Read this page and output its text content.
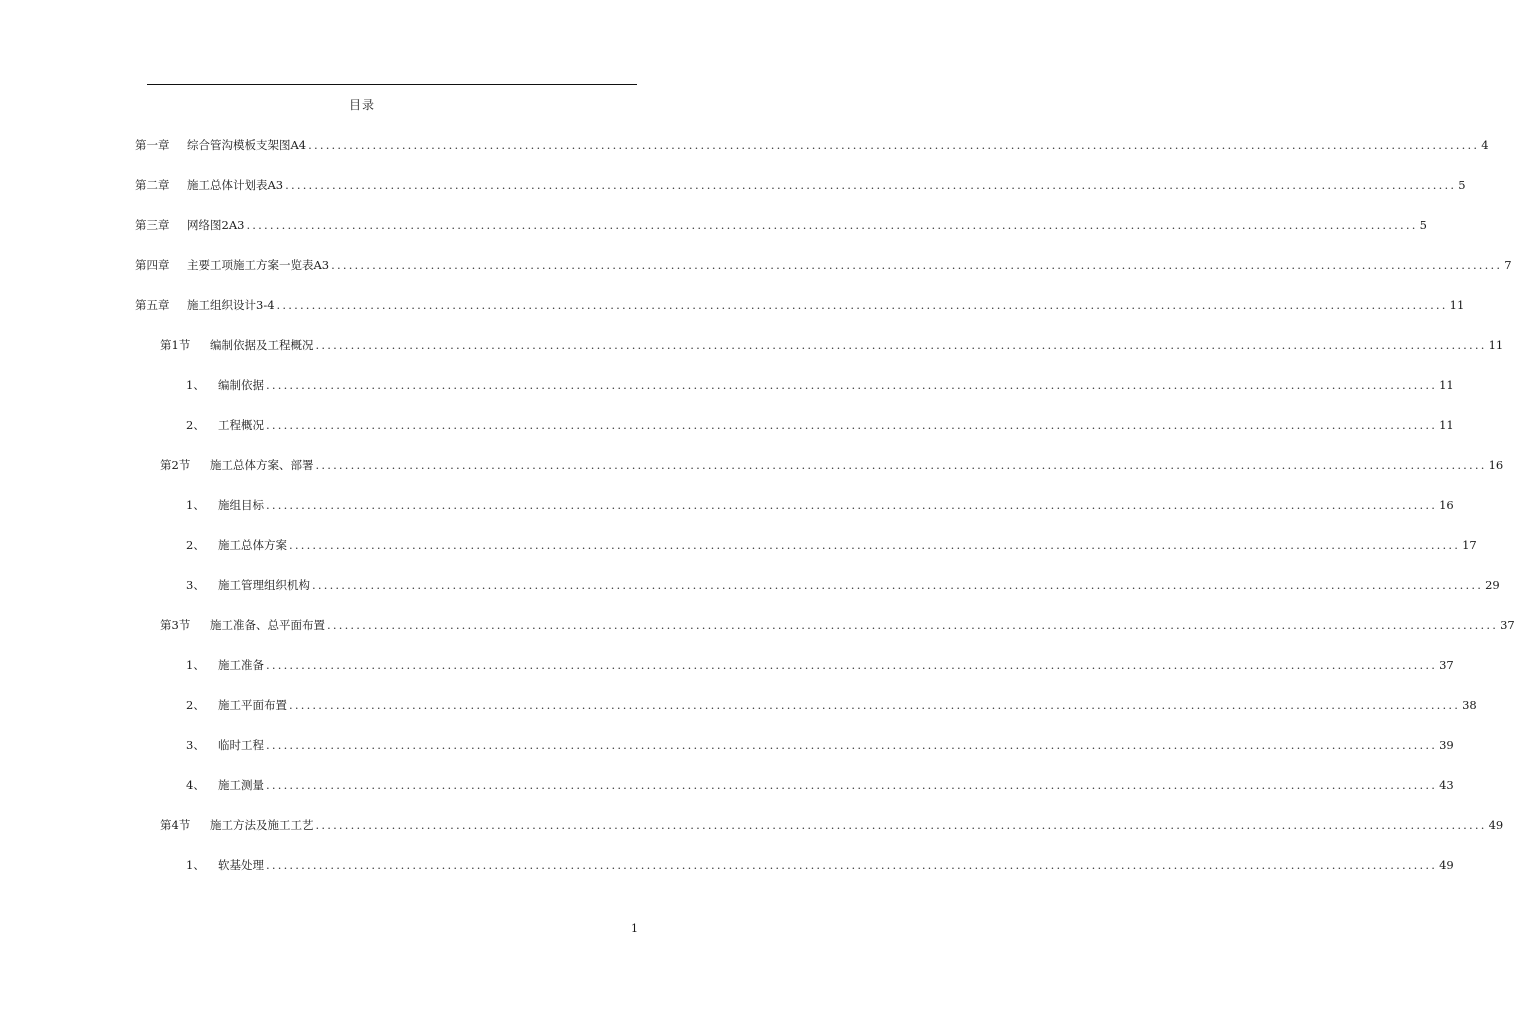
目录
第一章	综合管沟模板支架图A4 ........................................................................................................................................................................................................ 4
第二章	施工总体计划表A3 ........................................................................................................................................................................................................ 5
第三章	网络图2A3 ........................................................................................................................................................................................................ 5
第四章	主要工项施工方案一览表A3 ........................................................................................................................................................................................................ 7
第五章	施工组织设计3-4 ........................................................................................................................................................................................................ 11
第1节	编制依据及工程概况 ........................................................................................................................................................................................................ 11
1、	编制依据 ........................................................................................................................................................................................................ 11
2、	工程概况 ........................................................................................................................................................................................................ 11
第2节	施工总体方案、部署 ........................................................................................................................................................................................................ 16
1、	施组目标 ........................................................................................................................................................................................................ 16
2、	施工总体方案 ........................................................................................................................................................................................................ 17
3、	施工管理组织机构 ........................................................................................................................................................................................................ 29
第3节	施工准备、总平面布置 ........................................................................................................................................................................................................ 37
1、	施工准备 ........................................................................................................................................................................................................ 37
2、	施工平面布置 ........................................................................................................................................................................................................ 38
3、	临时工程 ........................................................................................................................................................................................................ 39
4、	施工测量 ........................................................................................................................................................................................................ 43
第4节	施工方法及施工工艺 ........................................................................................................................................................................................................ 49
1、	软基处理 ........................................................................................................................................................................................................ 49
1
